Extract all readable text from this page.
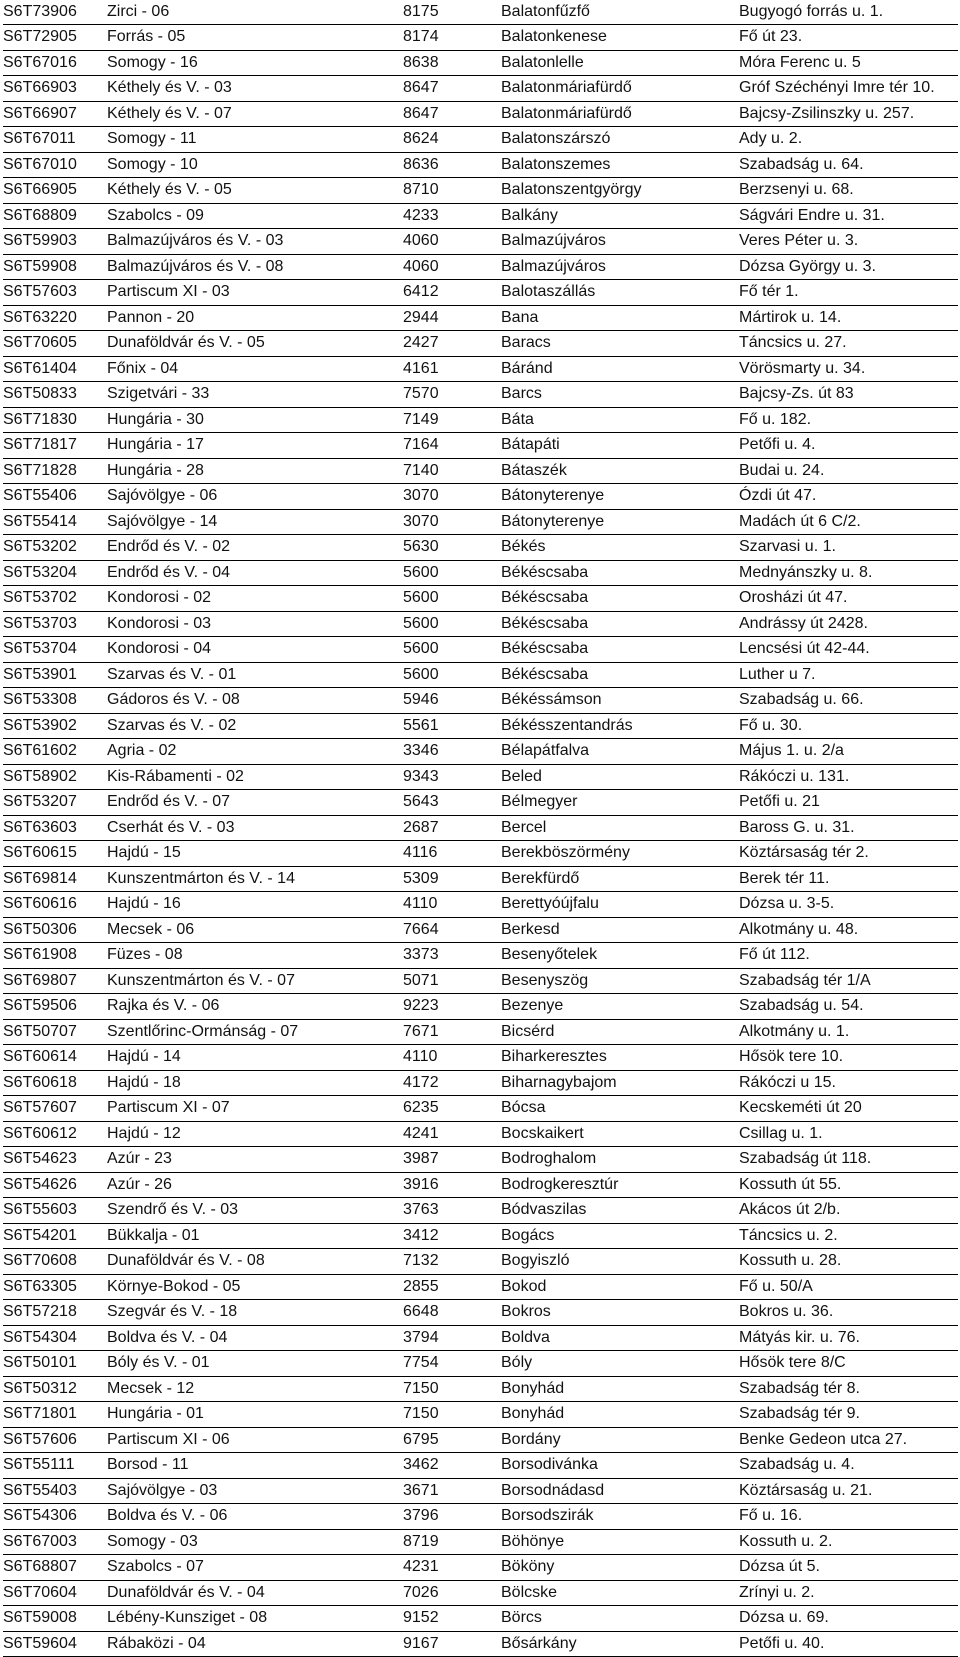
S6T73906	Zirci - 06	8175	Balatonfűzfő	Bugyogó forrás u. 1.
S6T72905	Forrás - 05	8174	Balatonkenese	Fő út 23.
S6T67016	Somogy - 16	8638	Balatonlelle	Móra Ferenc u. 5
S6T66903	Kéthely és V. - 03	8647	Balatonmáriafürdő	Gróf Széchényi Imre tér 10.
S6T66907	Kéthely és V. - 07	8647	Balatonmáriafürdő	Bajcsy-Zsilinszky u. 257.
S6T67011	Somogy - 11	8624	Balatonszárszó	Ady u. 2.
S6T67010	Somogy - 10	8636	Balatonszemes	Szabadság u. 64.
S6T66905	Kéthely és V. - 05	8710	Balatonszentgyörgy	Berzsenyi u. 68.
S6T68809	Szabolcs - 09	4233	Balkány	Ságvári Endre u. 31.
S6T59903	Balmazújváros és V. - 03	4060	Balmazújváros	Veres Péter u. 3.
S6T59908	Balmazújváros és V. - 08	4060	Balmazújváros	Dózsa György u. 3.
S6T57603	Partiscum XI - 03	6412	Balotaszállás	Fő tér 1.
S6T63220	Pannon - 20	2944	Bana	Mártirok u. 14.
S6T70605	Dunaföldvár és V. - 05	2427	Baracs	Táncsics u. 27.
S6T61404	Főnix - 04	4161	Báránd	Vörösmarty u. 34.
S6T50833	Szigetvári - 33	7570	Barcs	Bajcsy-Zs. út 83
S6T71830	Hungária - 30	7149	Báta	Fő u. 182.
S6T71817	Hungária - 17	7164	Bátapáti	Petőfi u. 4.
S6T71828	Hungária - 28	7140	Bátaszék	Budai u. 24.
S6T55406	Sajóvölgye - 06	3070	Bátonyterenye	Ózdi út 47.
S6T55414	Sajóvölgye - 14	3070	Bátonyterenye	Madách út 6 C/2.
S6T53202	Endrőd és V. - 02	5630	Békés	Szarvasi u. 1.
S6T53204	Endrőd és V. - 04	5600	Békéscsaba	Mednyánszky u. 8.
S6T53702	Kondorosi - 02	5600	Békéscsaba	Orosházi út 47.
S6T53703	Kondorosi - 03	5600	Békéscsaba	Andrássy út 2428.
S6T53704	Kondorosi - 04	5600	Békéscsaba	Lencsési út 42-44.
S6T53901	Szarvas és V. - 01	5600	Békéscsaba	Luther u 7.
S6T53308	Gádoros és V. - 08	5946	Békéssámson	Szabadság u. 66.
S6T53902	Szarvas és V. - 02	5561	Békésszentandrás	Fő u. 30.
S6T61602	Agria - 02	3346	Bélapátfalva	Május 1. u. 2/a
S6T58902	Kis-Rábamenti - 02	9343	Beled	Rákóczi u. 131.
S6T53207	Endrőd és V. - 07	5643	Bélmegyer	Petőfi u. 21
S6T63603	Cserhát és V. - 03	2687	Bercel	Baross G. u. 31.
S6T60615	Hajdú - 15	4116	Berekböszörmény	Köztársaság tér 2.
S6T69814	Kunszentmárton és V. - 14	5309	Berekfürdő	Berek tér 11.
S6T60616	Hajdú - 16	4110	Berettyóújfalu	Dózsa u. 3-5.
S6T50306	Mecsek - 06	7664	Berkesd	Alkotmány u. 48.
S6T61908	Füzes - 08	3373	Besenyőtelek	Fő út 112.
S6T69807	Kunszentmárton és V. - 07	5071	Besenyszög	Szabadság tér 1/A
S6T59506	Rajka és V. - 06	9223	Bezenye	Szabadság u. 54.
S6T50707	Szentlőrinc-Ormánság - 07	7671	Bicsérd	Alkotmány u. 1.
S6T60614	Hajdú - 14	4110	Biharkeresztes	Hősök tere 10.
S6T60618	Hajdú - 18	4172	Biharnagybajom	Rákóczi u 15.
S6T57607	Partiscum XI - 07	6235	Bócsa	Kecskeméti út 20
S6T60612	Hajdú - 12	4241	Bocskaikert	Csillag u. 1.
S6T54623	Azúr - 23	3987	Bodroghalom	Szabadság út 118.
S6T54626	Azúr - 26	3916	Bodrogkeresztúr	Kossuth út 55.
S6T55603	Szendrő és V. - 03	3763	Bódvaszilas	Akácos út 2/b.
S6T54201	Bükkalja - 01	3412	Bogács	Táncsics u. 2.
S6T70608	Dunaföldvár és V. - 08	7132	Bogyiszló	Kossuth u. 28.
S6T63305	Környe-Bokod - 05	2855	Bokod	Fő u. 50/A
S6T57218	Szegvár és V. - 18	6648	Bokros	Bokros u. 36.
S6T54304	Boldva és V. - 04	3794	Boldva	Mátyás kir. u. 76.
S6T50101	Bóly és V. - 01	7754	Bóly	Hősök tere 8/C
S6T50312	Mecsek - 12	7150	Bonyhád	Szabadság tér 8.
S6T71801	Hungária - 01	7150	Bonyhád	Szabadság tér 9.
S6T57606	Partiscum XI - 06	6795	Bordány	Benke Gedeon utca 27.
S6T55111	Borsod - 11	3462	Borsodivánka	Szabadság u. 4.
S6T55403	Sajóvölgye - 03	3671	Borsodnádasd	Köztársaság u. 21.
S6T54306	Boldva és V. - 06	3796	Borsodszirák	Fő u. 16.
S6T67003	Somogy - 03	8719	Böhönye	Kossuth u. 2.
S6T68807	Szabolcs - 07	4231	Bököny	Dózsa út 5.
S6T70604	Dunaföldvár és V. - 04	7026	Bölcske	Zrínyi u. 2.
S6T59008	Lébény-Kunsziget - 08	9152	Börcs	Dózsa u. 69.
S6T59604	Rábaközi - 04	9167	Bősárkány	Petőfi u. 40.
